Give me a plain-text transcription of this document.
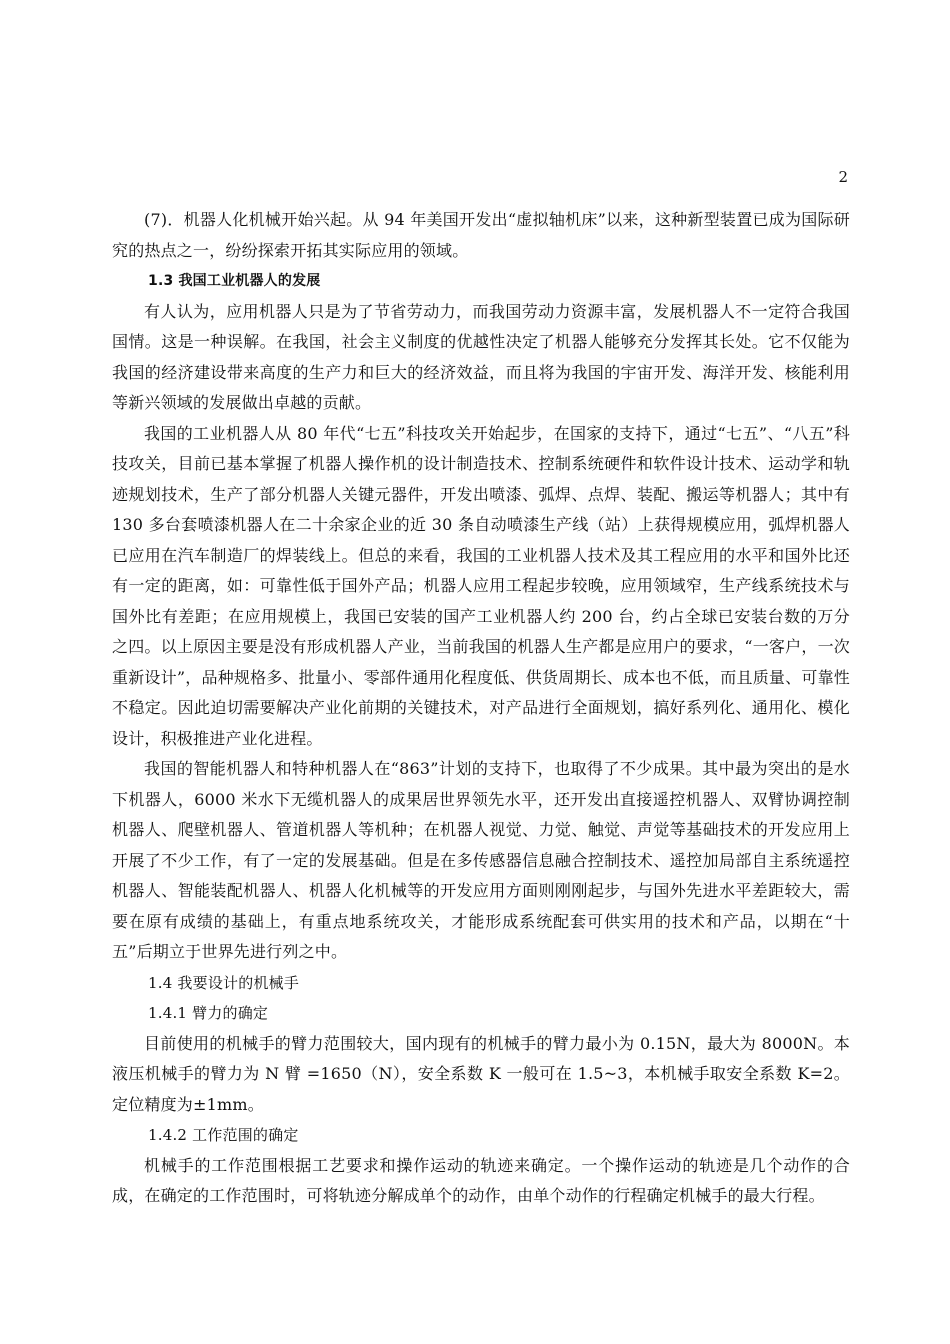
2

(7)．机器人化机械开始兴起。从 94 年美国开发出“虚拟轴机床”以来，这种新型装置已成为国际研究的热点之一，纷纷探索开拓其实际应用的领域。

1.3 我国工业机器人的发展

有人认为，应用机器人只是为了节省劳动力，而我国劳动力资源丰富，发展机器人不一定符合我国国情。这是一种误解。在我国，社会主义制度的优越性决定了机器人能够充分发挥其长处。它不仅能为我国的经济建设带来高度的生产力和巨大的经济效益，而且将为我国的宇宙开发、海洋开发、核能利用等新兴领域的发展做出卓越的贡献。

我国的工业机器人从 80 年代“七五”科技攻关开始起步，在国家的支持下，通过“七五”、“八五”科技攻关，目前已基本掌握了机器人操作机的设计制造技术、控制系统硬件和软件设计技术、运动学和轨迹规划技术，生产了部分机器人关键元器件，开发出喷漆、弧焊、点焊、装配、搬运等机器人；其中有 130 多台套喷漆机器人在二十余家企业的近 30 条自动喷漆生产线（站）上获得规模应用，弧焊机器人已应用在汽车制造厂的焊装线上。但总的来看，我国的工业机器人技术及其工程应用的水平和国外比还有一定的距离，如：可靠性低于国外产品；机器人应用工程起步较晚，应用领域窄，生产线系统技术与国外比有差距；在应用规模上，我国已安装的国产工业机器人约 200 台，约占全球已安装台数的万分之四。以上原因主要是没有形成机器人产业，当前我国的机器人生产都是应用户的要求，“一客户，一次重新设计”，品种规格多、批量小、零部件通用化程度低、供货周期长、成本也不低，而且质量、可靠性不稳定。因此迫切需要解决产业化前期的关键技术，对产品进行全面规划，搞好系列化、通用化、模化设计，积极推进产业化进程。

我国的智能机器人和特种机器人在“863”计划的支持下，也取得了不少成果。其中最为突出的是水下机器人，6000 米水下无缆机器人的成果居世界领先水平，还开发出直接遥控机器人、双臂协调控制机器人、爬壁机器人、管道机器人等机种；在机器人视觉、力觉、触觉、声觉等基础技术的开发应用上开展了不少工作，有了一定的发展基础。但是在多传感器信息融合控制技术、遥控加局部自主系统遥控机器人、智能装配机器人、机器人化机械等的开发应用方面则刚刚起步，与国外先进水平差距较大，需要在原有成绩的基础上，有重点地系统攻关，才能形成系统配套可供实用的技术和产品，以期在“十五”后期立于世界先进行列之中。

1.4 我要设计的机械手

1.4.1 臂力的确定

目前使用的机械手的臂力范围较大，国内现有的机械手的臂力最小为 0.15N，最大为 8000N。本液压机械手的臂力为 N 臂 =1650（N），安全系数 K 一般可在 1.5~3，本机械手取安全系数 K=2。定位精度为±1mm。

1.4.2 工作范围的确定

机械手的工作范围根据工艺要求和操作运动的轨迹来确定。一个操作运动的轨迹是几个动作的合成，在确定的工作范围时，可将轨迹分解成单个的动作，由单个动作的行程确定机械手的最大行程。
